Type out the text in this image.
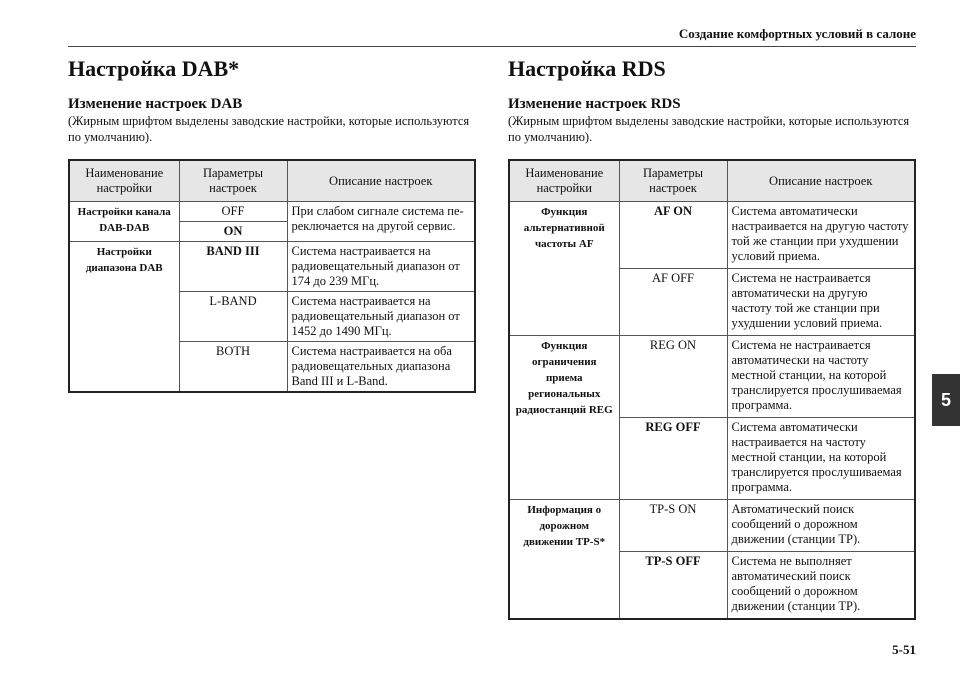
Создание комфортных условий в салоне
5
5-51
Настройка DAB*
Изменение настроек DAB

(Жирным шрифтом выделены заводские настройки, которые используются по умолчанию).

Наименование настройки	Параметры настроек	Описание настроек
Настройки канала DAB-DAB	OFF	При слабом сигнале система пе-реключается на другой сервис.
	ON	
Настройки диапазона DAB	BAND III	Система настраивается на радиовещательный диапазон от 174 до 239 МГц.
	L-BAND	Система настраивается на радиовещательный диапазон от 1452 до 1490 МГц.
	BOTH	Система настраивается на оба радиовещательных диапазона Band III и L-Band.
Настройка RDS
Изменение настроек RDS

(Жирным шрифтом выделены заводские настройки, которые используются по умолчанию).

Наименование настройки	Параметры настроек	Описание настроек
Функция альтернативной частоты AF	AF ON	Система автоматически настраивается на другую частоту той же станции при ухудшении условий приема.
	AF OFF	Система не настраивается автоматически на другую частоту той же станции при ухудшении условий приема.
Функция ограничения приема региональных радиостанций REG	REG ON	Система не настраивается автоматически на частоту местной станции, на которой транслируется прослушиваемая программа.
	REG OFF	Система автоматически настраивается на частоту местной станции, на которой транслируется прослушиваемая программа.
Информация о дорожном движении TP-S*	TP-S ON	Автоматический поиск сообщений о дорожном движении (станции TP).
	TP-S OFF	Система не выполняет автоматический поиск сообщений о дорожном движении (станции TP).
